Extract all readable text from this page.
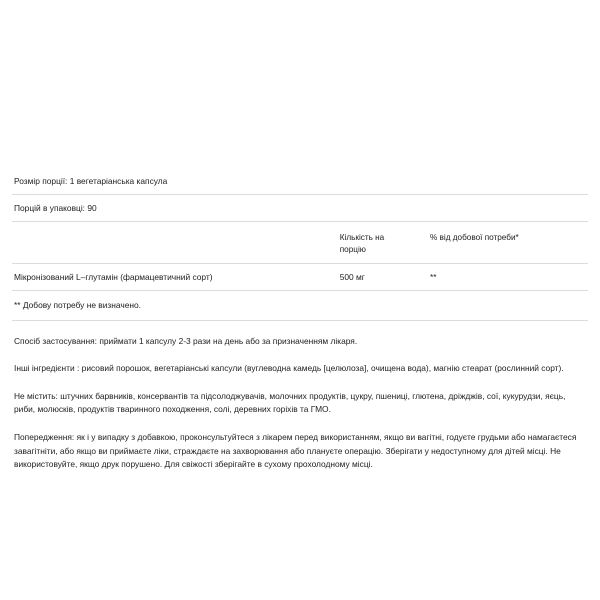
Розмір порції: 1 вегетаріанська капсула		
Порцій в упаковці: 90		

	Кількість на порцію	% від добової потреби*
Мікронізований L–глутамін (фармацевтичний сорт)	500 мг	**
** Добову потребу не визначено.		

Спосіб застосування: приймати 1 капсулу 2-3 рази на день або за призначенням лікаря.

Інші інгредієнти : рисовий порошок, вегетаріанські капсули (вуглеводна камедь [целюлоза], очищена вода), магнію стеарат (рослинний сорт).

Не містить: штучних барвників, консервантів та підсолоджувачів, молочних продуктів, цукру, пшениці, глютена, дріжджів, сої, кукурудзи, яєць, риби, молюсків, продуктів тваринного походження, солі, деревних горіхів та ГМО.

Попередження: як і у випадку з добавкою, проконсультуйтеся з лікарем перед використанням, якщо ви вагітні, годуєте грудьми або намагаєтеся завагітніти, або якщо ви приймаєте ліки, страждаєте на захворювання або плануєте операцію. Зберігати у недоступному для дітей місці. Не використовуйте, якщо друк порушено. Для свіжості зберігайте в сухому прохолодному місці.
